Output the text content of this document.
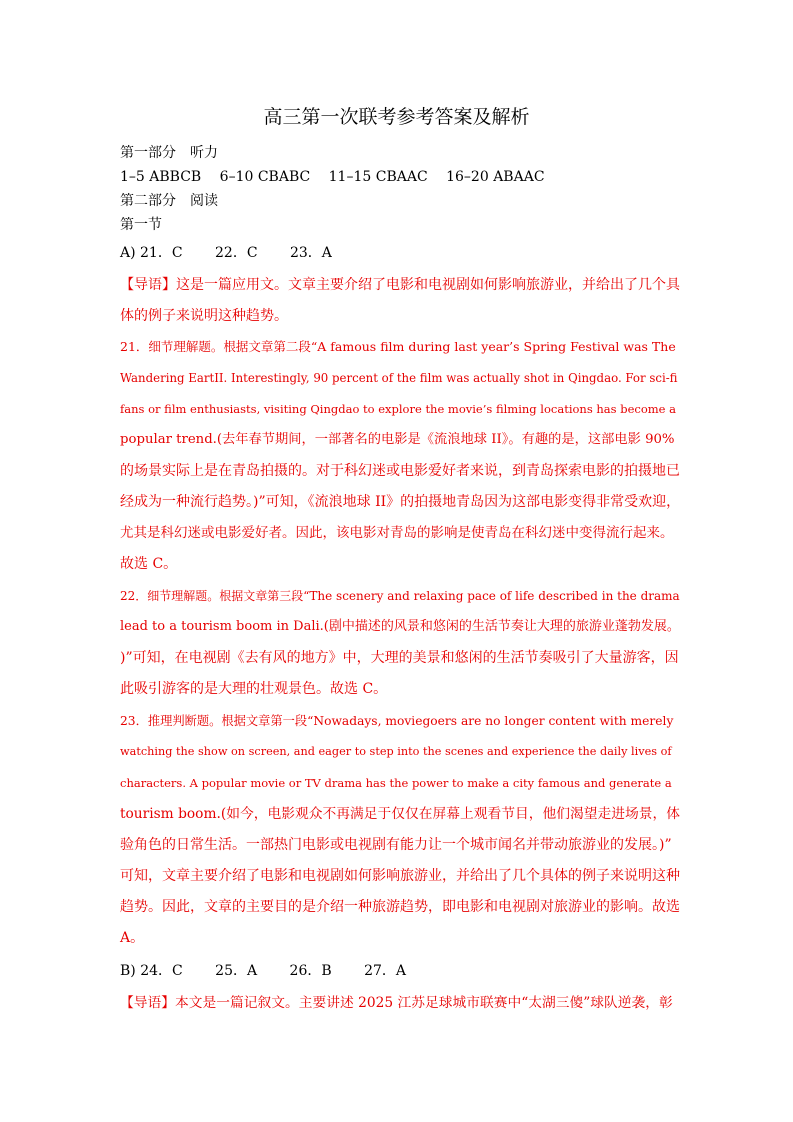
高三第一次联考参考答案及解析
第一部分　听力
1–5 ABBCB　 6–10 CBABC　 11–15 CBAAC　 16–20 ABAAC
第二部分　阅读
第一节
A) 21．C　　 22．C　　 23．A
【导语】这是一篇应用文。文章主要介绍了电影和电视剧如何影响旅游业，并给出了几个具
体的例子来说明这种趋势。
21．细节理解题。根据文章第二段“A famous film during last year’s Spring Festival was The
Wandering EartII. Interestingly, 90 percent of the film was actually shot in Qingdao. For sci-fi
fans or film enthusiasts, visiting Qingdao to explore the movie’s filming locations has become a
popular trend.(去年春节期间，一部著名的电影是《流浪地球 II》。有趣的是，这部电影 90%
的场景实际上是在青岛拍摄的。对于科幻迷或电影爱好者来说，到青岛探索电影的拍摄地已
经成为一种流行趋势。)”可知，《流浪地球 II》的拍摄地青岛因为这部电影变得非常受欢迎，
尤其是科幻迷或电影爱好者。因此，该电影对青岛的影响是使青岛在科幻迷中变得流行起来。
故选 C。
22．细节理解题。根据文章第三段“The scenery and relaxing pace of life described in the drama
lead to a tourism boom in Dali.(剧中描述的风景和悠闲的生活节奏让大理的旅游业蓬勃发展。
)”可知，在电视剧《去有风的地方》中，大理的美景和悠闲的生活节奏吸引了大量游客，因
此吸引游客的是大理的壮观景色。故选 C。
23．推理判断题。根据文章第一段“Nowadays, moviegoers are no longer content with merely
watching the show on screen, and eager to step into the scenes and experience the daily lives of
characters. A popular movie or TV drama has the power to make a city famous and generate a
tourism boom.(如今，电影观众不再满足于仅仅在屏幕上观看节目，他们渴望走进场景，体
验角色的日常生活。一部热门电影或电视剧有能力让一个城市闻名并带动旅游业的发展。)”
可知，文章主要介绍了电影和电视剧如何影响旅游业，并给出了几个具体的例子来说明这种
趋势。因此，文章的主要目的是介绍一种旅游趋势，即电影和电视剧对旅游业的影响。故选
A。
B) 24．C　　 25．A　　 26．B　　 27．A
【导语】本文是一篇记叙文。主要讲述 2025 江苏足球城市联赛中“太湖三傻”球队逆袭，彰
